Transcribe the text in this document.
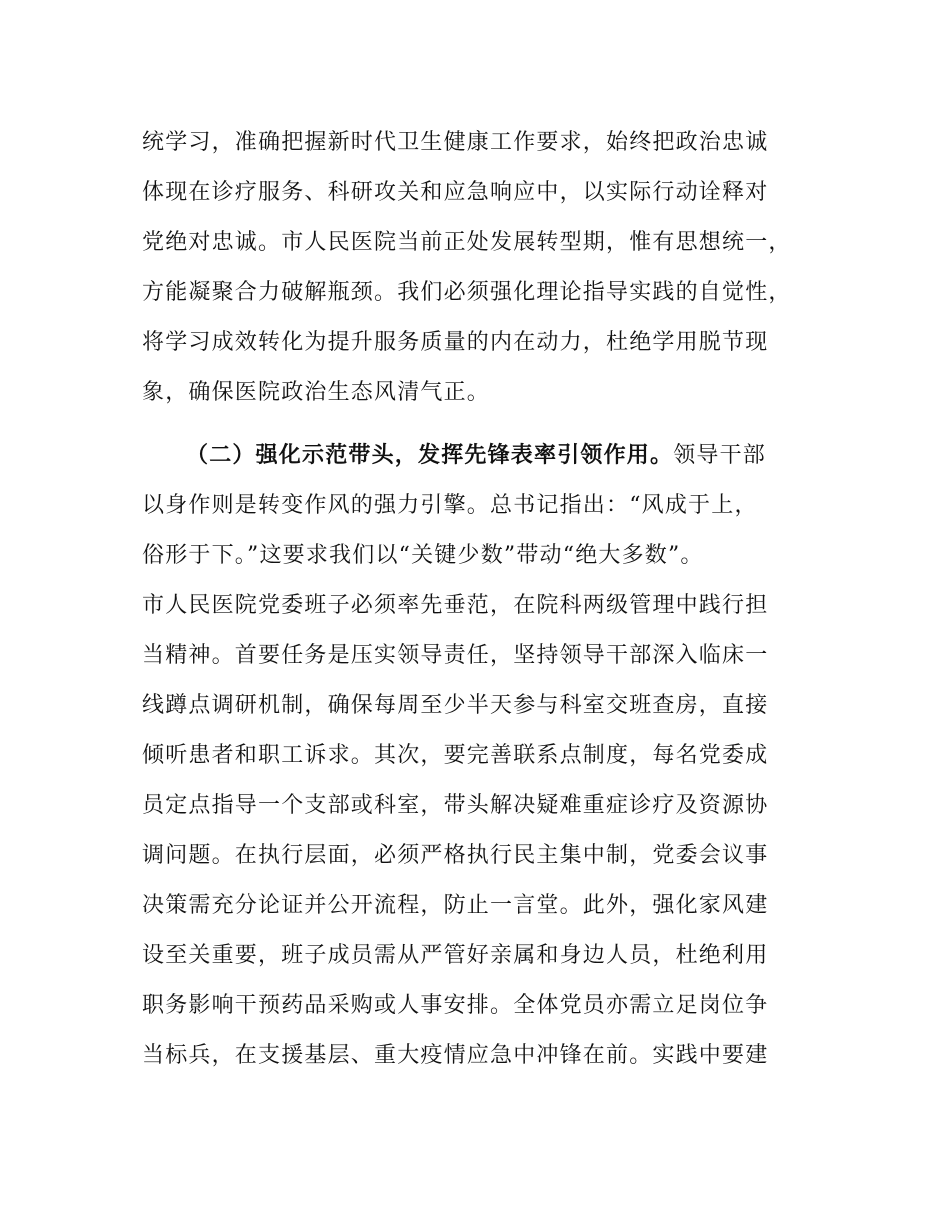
统学习，准确把握新时代卫生健康工作要求，始终把政治忠诚
体现在诊疗服务、科研攻关和应急响应中，以实际行动诠释对
党绝对忠诚。市人民医院当前正处发展转型期，惟有思想统一，
方能凝聚合力破解瓶颈。我们必须强化理论指导实践的自觉性，
将学习成效转化为提升服务质量的内在动力，杜绝学用脱节现
象，确保医院政治生态风清气正。
（二）强化示范带头，发挥先锋表率引领作用。领导干部
以身作则是转变作风的强力引擎。总书记指出：“风成于上，
俗形于下。”这要求我们以“关键少数”带动“绝大多数”。
市人民医院党委班子必须率先垂范，在院科两级管理中践行担
当精神。首要任务是压实领导责任，坚持领导干部深入临床一
线蹲点调研机制，确保每周至少半天参与科室交班查房，直接
倾听患者和职工诉求。其次，要完善联系点制度，每名党委成
员定点指导一个支部或科室，带头解决疑难重症诊疗及资源协
调问题。在执行层面，必须严格执行民主集中制，党委会议事
决策需充分论证并公开流程，防止一言堂。此外，强化家风建
设至关重要，班子成员需从严管好亲属和身边人员，杜绝利用
职务影响干预药品采购或人事安排。全体党员亦需立足岗位争
当标兵，在支援基层、重大疫情应急中冲锋在前。实践中要建
